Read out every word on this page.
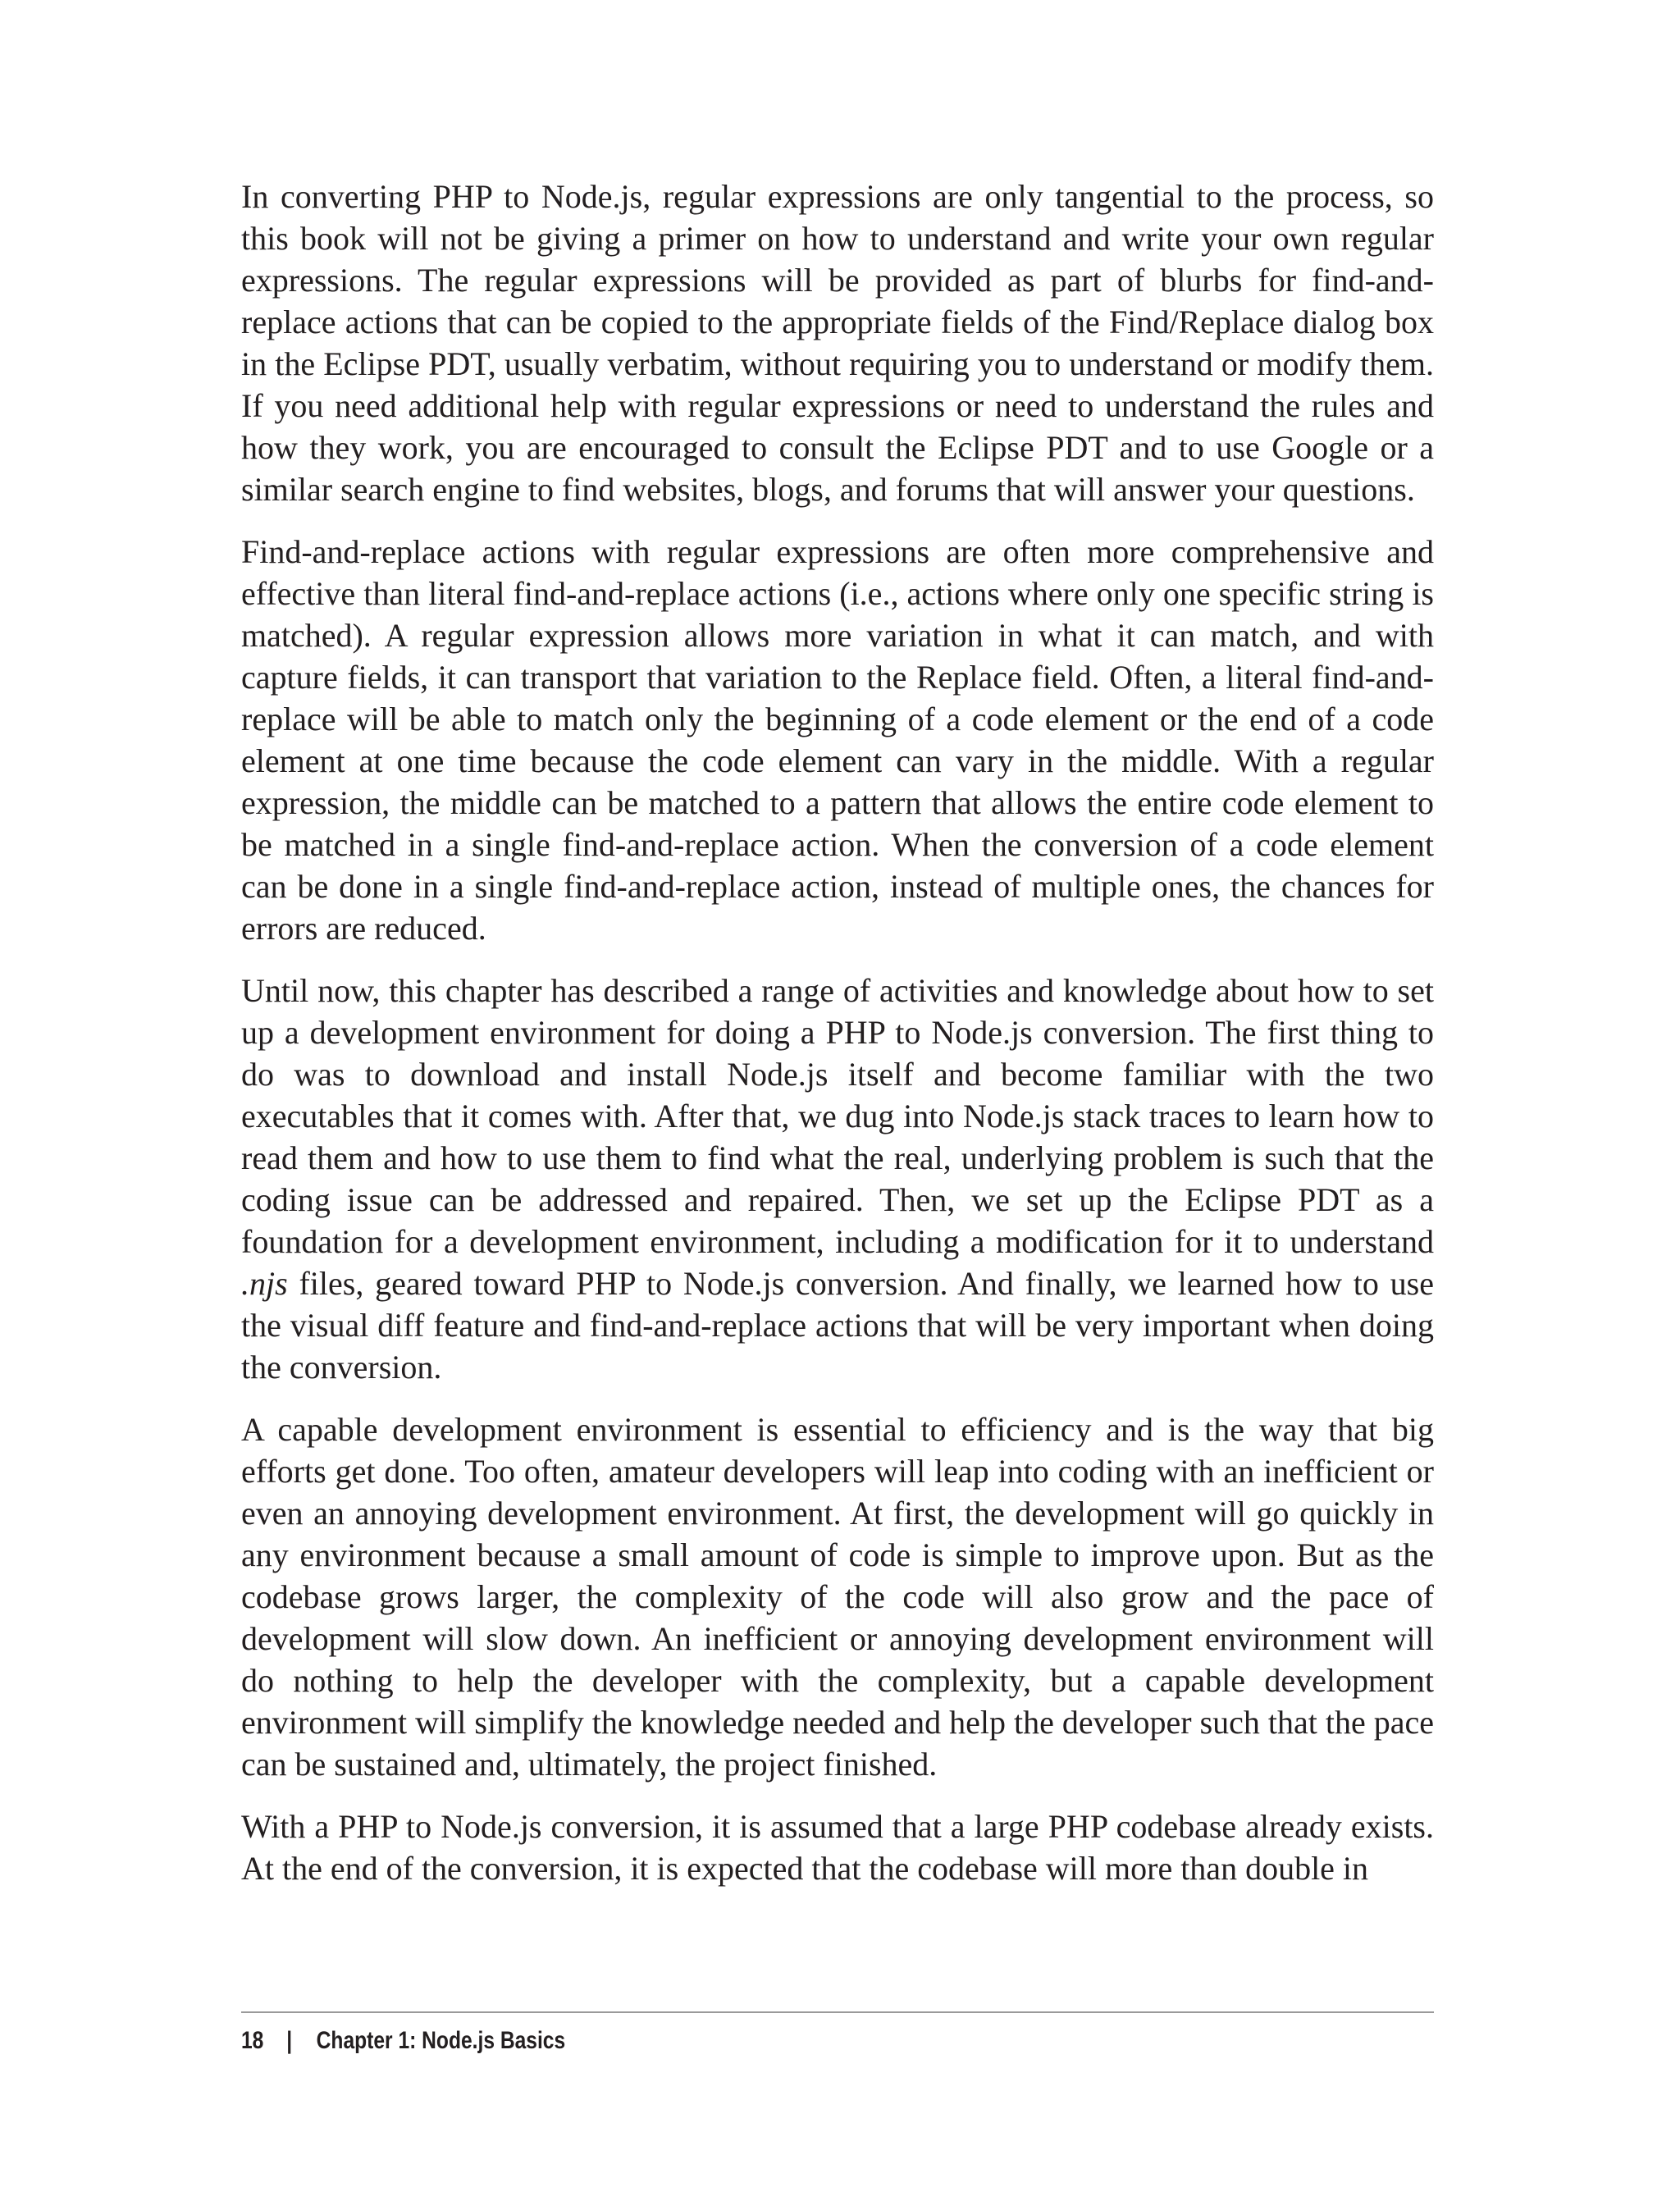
In converting PHP to Node.js, regular expressions are only tangential to the process, so this book will not be giving a primer on how to understand and write your own regular expressions. The regular expressions will be provided as part of blurbs for find-and-replace actions that can be copied to the appropriate fields of the Find/Replace dialog box in the Eclipse PDT, usually verbatim, without requiring you to understand or modify them. If you need additional help with regular expressions or need to understand the rules and how they work, you are encouraged to consult the Eclipse PDT and to use Google or a similar search engine to find websites, blogs, and forums that will answer your questions.

Find-and-replace actions with regular expressions are often more comprehensive and effective than literal find-and-replace actions (i.e., actions where only one specific string is matched). A regular expression allows more variation in what it can match, and with capture fields, it can transport that variation to the Replace field. Often, a literal find-and-replace will be able to match only the beginning of a code element or the end of a code element at one time because the code element can vary in the middle. With a regular expression, the middle can be matched to a pattern that allows the entire code element to be matched in a single find-and-replace action. When the conversion of a code element can be done in a single find-and-replace action, instead of multiple ones, the chances for errors are reduced.

Until now, this chapter has described a range of activities and knowledge about how to set up a development environment for doing a PHP to Node.js conversion. The first thing to do was to download and install Node.js itself and become familiar with the two executables that it comes with. After that, we dug into Node.js stack traces to learn how to read them and how to use them to find what the real, underlying problem is such that the coding issue can be addressed and repaired. Then, we set up the Eclipse PDT as a foundation for a development environment, including a modification for it to understand .njs files, geared toward PHP to Node.js conversion. And finally, we learned how to use the visual diff feature and find-and-replace actions that will be very important when doing the conversion.

A capable development environment is essential to efficiency and is the way that big efforts get done. Too often, amateur developers will leap into coding with an inefficient or even an annoying development environment. At first, the development will go quickly in any environment because a small amount of code is simple to improve upon. But as the codebase grows larger, the complexity of the code will also grow and the pace of development will slow down. An inefficient or annoying development environment will do nothing to help the developer with the complexity, but a capable development environment will simplify the knowledge needed and help the developer such that the pace can be sustained and, ultimately, the project finished.

With a PHP to Node.js conversion, it is assumed that a large PHP codebase already exists. At the end of the conversion, it is expected that the codebase will more than double in

18 | Chapter 1: Node.js Basics
